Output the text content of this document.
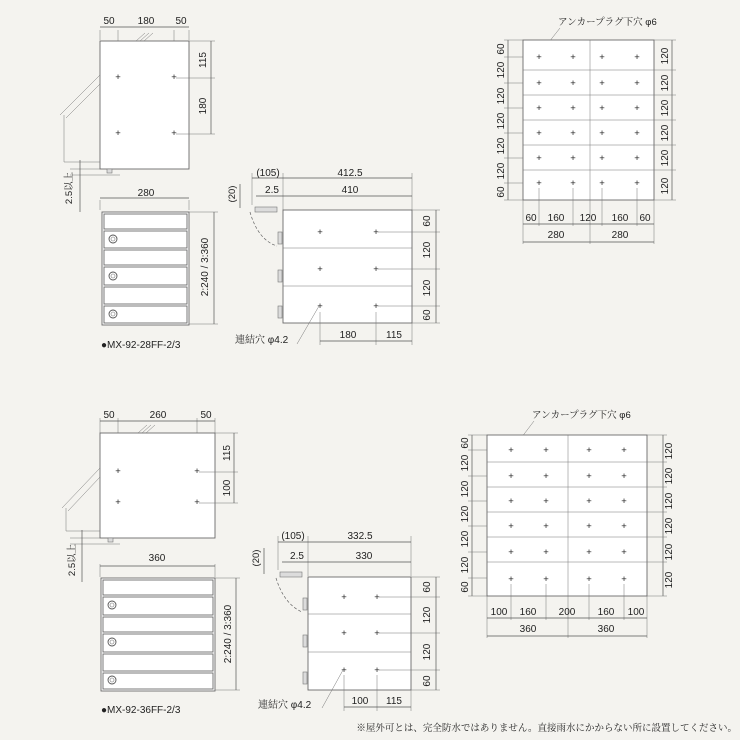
50 180 50
+	+
+	+
115
180
2.5以上	280
2:240 / 3:360
●MX-92-28FF-2/3
(105)	412.5
2.5	410
(20)
+	+
+	+
+	+
60
120
120
60
180	115
連結穴 φ4.2
アンカープラグ下穴 φ6
+	+ +	+
+	+ +	+
+	+ +	+
+	+ +	+
+	+ +	+
+	+ +	+
60
120
120
120
120
120
60
120
120
120
120
120
120
60 160 120 160 60
280	280
50	260	50
+	+
+	+
115
100
2.5以上	360
2:240 / 3:360
●MX-92-36FF-2/3
(105)	332.5
2.5	330
(20)
+	+
+	+
+	+
60
120
120
60
100 115
連結穴 φ4.2
アンカープラグ下穴 φ6
+	+	+	+
+	+	+	+
+	+	+	+
+	+	+	+
+	+	+	+
+	+	+	+
60
120
120
120
120
120
60
120
120
120
120
120
120
100 160 200 160 100
360	360
※屋外可とは、完全防水ではありません。直接雨水にかからない所に設置してください。
